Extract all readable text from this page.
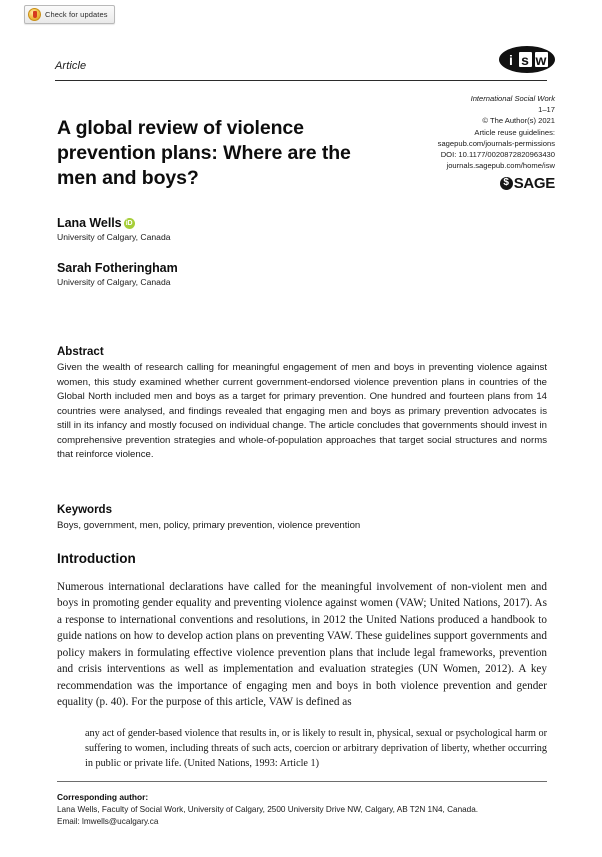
Check for updates
Article	i s w
International Social Work
1–17
© The Author(s) 2021
Article reuse guidelines:
sagepub.com/journals-permissions
DOI: 10.1177/0020872820963430
journals.sagepub.com/home/isw
$ SAGE
A global review of violence prevention plans: Where are the men and boys?
Lana Wells iD
University of Calgary, Canada
Sarah Fotheringham
University of Calgary, Canada
Abstract
Given the wealth of research calling for meaningful engagement of men and boys in preventing violence against women, this study examined whether current government-endorsed violence prevention plans in countries of the Global North included men and boys as a target for primary prevention. One hundred and fourteen plans from 14 countries were analysed, and findings revealed that engaging men and boys as primary prevention advocates is still in its infancy and mostly focused on individual change. The article concludes that governments should invest in comprehensive prevention strategies and whole-of-population approaches that target social structures and norms that reinforce violence.
Keywords
Boys, government, men, policy, primary prevention, violence prevention
Introduction
Numerous international declarations have called for the meaningful involvement of non-violent men and boys in promoting gender equality and preventing violence against women (VAW; United Nations, 2017). As a response to international conventions and resolutions, in 2012 the United Nations produced a handbook to guide nations on how to develop action plans on preventing VAW. These guidelines support governments and policy makers in formulating effective violence prevention plans that include legal frameworks, prevention and crisis interventions as well as implementation and evaluation strategies (UN Women, 2012). A key recommendation was the importance of engaging men and boys in both violence prevention and gender equality (p. 40). For the purpose of this article, VAW is defined as
any act of gender-based violence that results in, or is likely to result in, physical, sexual or psychological harm or suffering to women, including threats of such acts, coercion or arbitrary deprivation of liberty, whether occurring in public or private life. (United Nations, 1993: Article 1)
Corresponding author:
Lana Wells, Faculty of Social Work, University of Calgary, 2500 University Drive NW, Calgary, AB T2N 1N4, Canada.
Email: lmwells@ucalgary.ca
